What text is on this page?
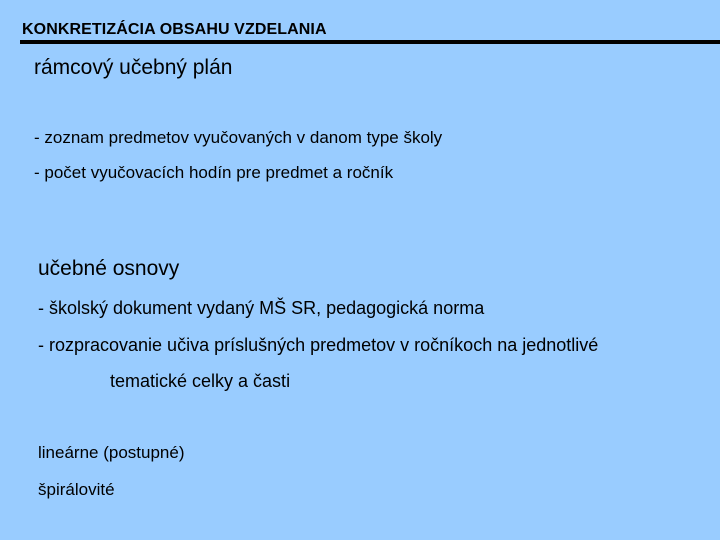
KONKRETIZÁCIA OBSAHU VZDELANIA
rámcový učebný plán
- zoznam predmetov vyučovaných v danom type školy
- počet vyučovacích hodín pre predmet a ročník
učebné osnovy
- školský dokument vydaný MŠ SR, pedagogická norma
- rozpracovanie učiva príslušných predmetov v ročníkoch na jednotlivé
tematické celky a časti
lineárne (postupné)
špirálovité
